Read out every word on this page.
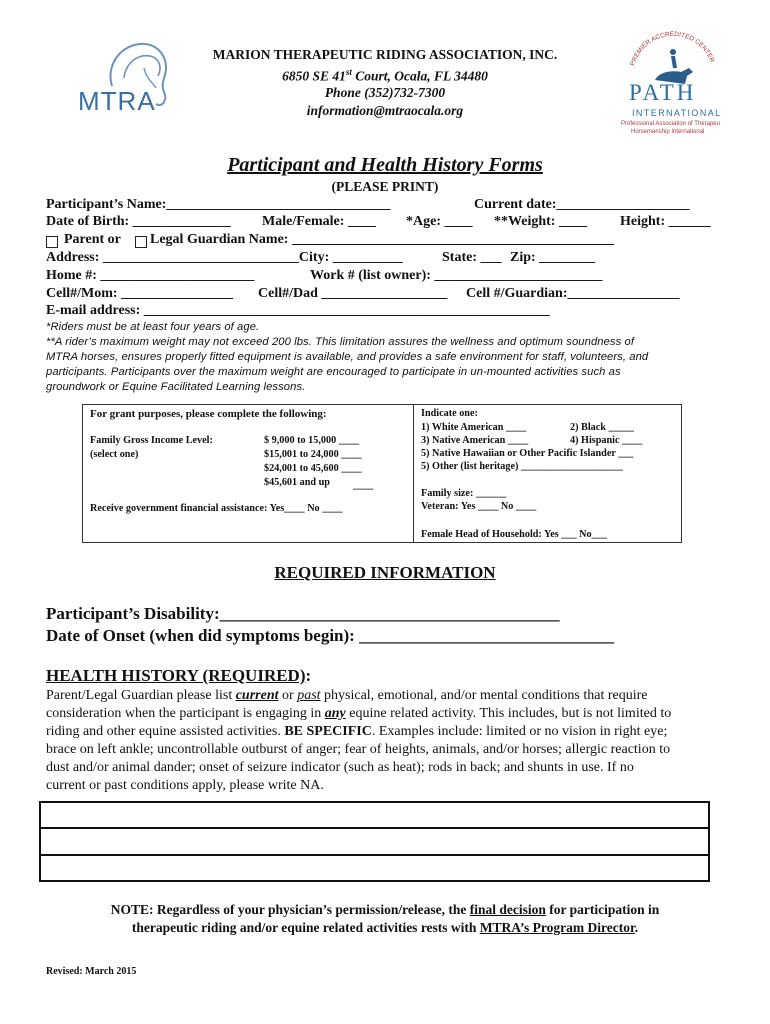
MTRA
MARION THERAPEUTIC RIDING ASSOCIATION, INC.
6850 SE 41st Court, Ocala, FL 34480
Phone (352)732-7300
information@mtraocala.org
PREMIER ACCREDITED CENTER
PATH
INTERNATIONAL
Professional Association of Therapeu
Horsemanship International
Participant and Health History Forms
(PLEASE PRINT)
Participant’s Name:________________________________	Current date:___________________
Date of Birth: ______________ Male/Female: ____ *Age: ____ **Weight: ____ Height: ______
Parent or Legal Guardian Name: ______________________________________________
Address: ____________________________City: __________	State: ___ Zip: ________
Home #: ______________________	Work # (list owner): ________________________
Cell#/Mom: ________________ Cell#/Dad __________________ Cell #/Guardian:________________
E-mail address: __________________________________________________________
*Riders must be at least four years of age.
**A rider’s maximum weight may not exceed 200 lbs. This limitation assures the wellness and optimum soundness of
MTRA horses, ensures properly fitted equipment is available, and provides a safe environment for staff, volunteers, and
participants. Participants over the maximum weight are encouraged to participate in un-mounted activities such as
groundwork or Equine Facilitated Learning lessons.
For grant purposes, please complete the following:
Family Gross Income Level:
(select one)
$ 9,000 to 15,000 ____
$15,001 to 24,000 ____
$24,001 to 45,600 ____
$45,601 and up ____
Receive government financial assistance: Yes____ No ____
Indicate one:
1) White American ____	2) Black _____
3) Native American ____	4) Hispanic ____
5) Native Hawaiian or Other Pacific Islander ___
5) Other (list heritage) ____________________
Family size: ______
Veteran: Yes ____ No ____
Female Head of Household: Yes ___ No___
REQUIRED INFORMATION
Participant’s Disability:________________________________________
Date of Onset (when did symptoms begin): ______________________________
HEALTH HISTORY (REQUIRED):
Parent/Legal Guardian please list current or past physical, emotional, and/or mental conditions that require
consideration when the participant is engaging in any equine related activity. This includes, but is not limited to
riding and other equine assisted activities. BE SPECIFIC. Examples include: limited or no vision in right eye;
brace on left ankle; uncontrollable outburst of anger; fear of heights, animals, and/or horses; allergic reaction to
dust and/or animal dander; onset of seizure indicator (such as heat); rods in back; and shunts in use. If no
current or past conditions apply, please write NA.
NOTE: Regardless of your physician’s permission/release, the final decision for participation in
therapeutic riding and/or equine related activities rests with MTRA’s Program Director.
Revised: March 2015
